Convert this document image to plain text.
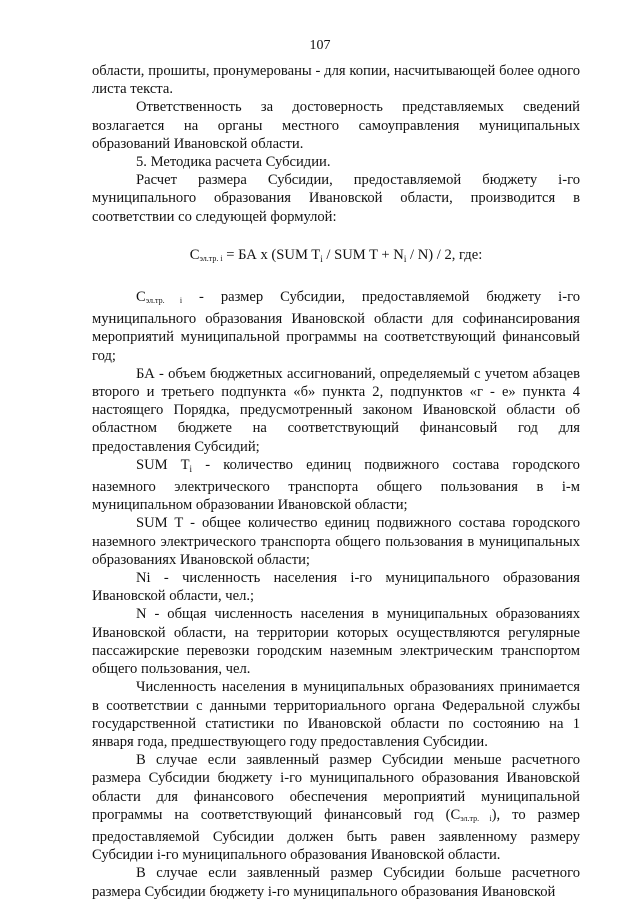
107

области, прошиты, пронумерованы - для копии, насчитывающей более одного листа текста.

Ответственность за достоверность представляемых сведений возлагается на органы местного самоуправления муниципальных образований Ивановской области.

5. Методика расчета Субсидии.

Расчет размера Субсидии, предоставляемой бюджету i-го муниципального образования Ивановской области, производится в соответствии со следующей формулой:

$С_{эл.тр. i}$ = БА х (SUM $T_i$ / SUM $T + N_i / N) / 2$, где:

$С_{эл.тр. i}$ - размер Субсидии, предоставляемой бюджету i-го муниципального образования Ивановской области для софинансирования мероприятий муниципальной программы на соответствующий финансовый год;

БА - объем бюджетных ассигнований, определяемый с учетом абзацев второго и третьего подпункта «б» пункта 2, подпунктов «г - е» пункта 4 настоящего Порядка, предусмотренный законом Ивановской области об областном бюджете на соответствующий финансовый год для предоставления Субсидий;

SUM $T_i$ - количество единиц подвижного состава городского наземного электрического транспорта общего пользования в i-м муниципальном образовании Ивановской области;

SUM T - общее количество единиц подвижного состава городского наземного электрического транспорта общего пользования в муниципальных образованиях Ивановской области;

Ni - численность населения i-го муниципального образования Ивановской области, чел.;

N - общая численность населения в муниципальных образованиях Ивановской области, на территории которых осуществляются регулярные пассажирские перевозки городским наземным электрическим транспортом общего пользования, чел.

Численность населения в муниципальных образованиях принимается в соответствии с данными территориального органа Федеральной службы государственной статистики по Ивановской области по состоянию на 1 января года, предшествующего году предоставления Субсидии.

В случае если заявленный размер Субсидии меньше расчетного размера Субсидии бюджету i-го муниципального образования Ивановской области для финансового обеспечения мероприятий муниципальной программы на соответствующий финансовый год $(С_{эл.тр. i})$, то размер предоставляемой Субсидии должен быть равен заявленному размеру Субсидии i-го муниципального образования Ивановской области.

В случае если заявленный размер Субсидии больше расчетного размера Субсидии бюджету i-го муниципального образования Ивановской
